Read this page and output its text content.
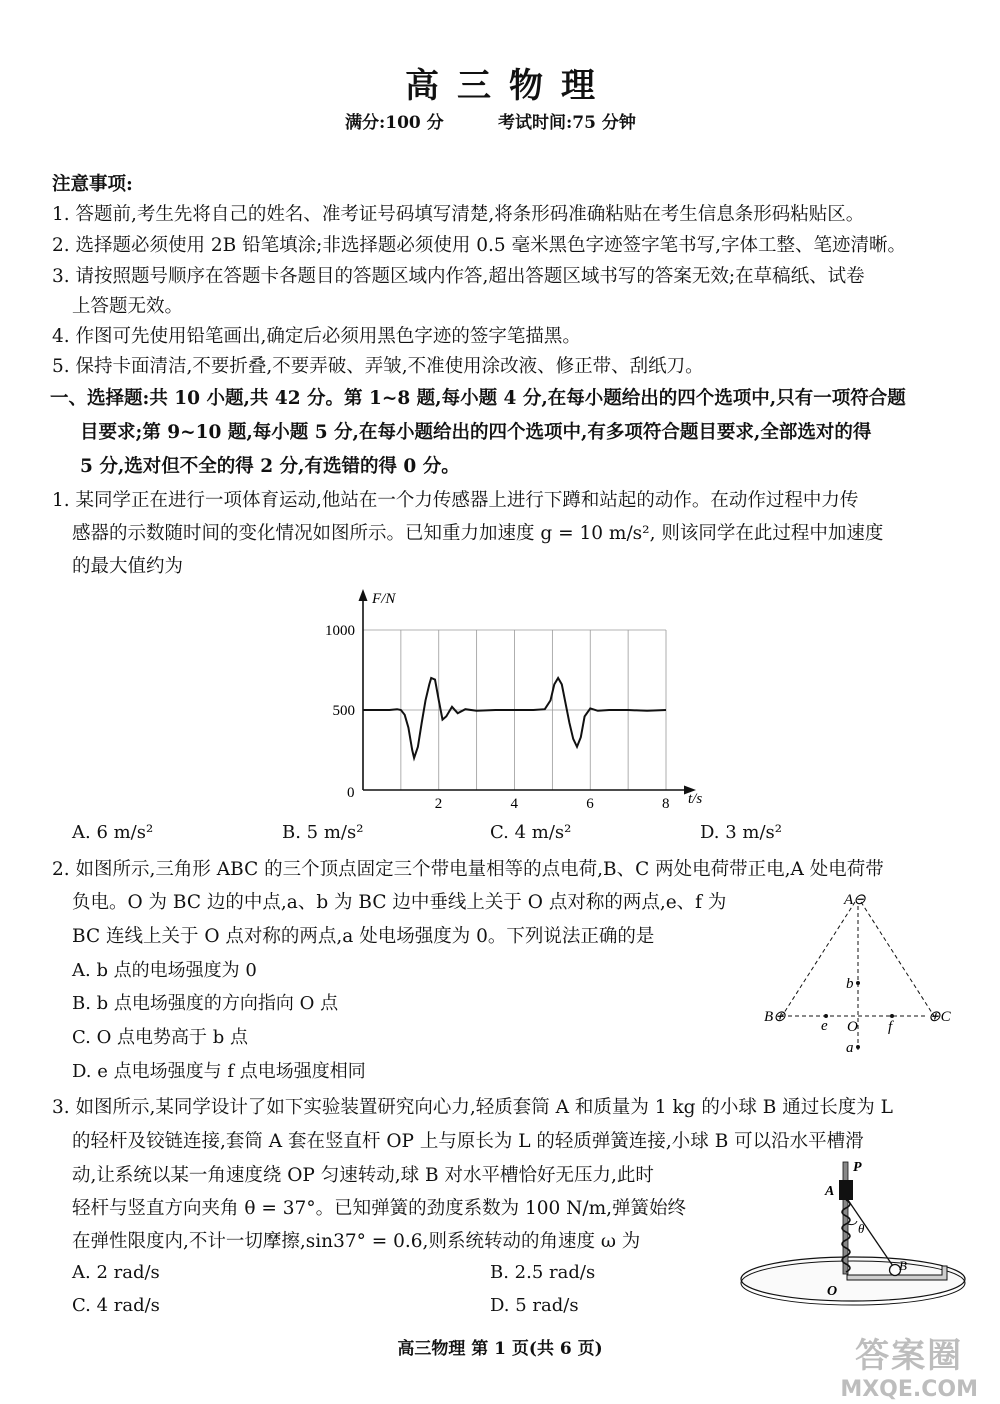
高三物理
满分:100 分	考试时间:75 分钟
注意事项:
1. 答题前,考生先将自己的姓名、准考证号码填写清楚,将条形码准确粘贴在考生信息条形码粘贴区。
2. 选择题必须使用 2B 铅笔填涂;非选择题必须使用 0.5 毫米黑色字迹签字笔书写,字体工整、笔迹清晰。
3. 请按照题号顺序在答题卡各题目的答题区域内作答,超出答题区域书写的答案无效;在草稿纸、试卷
上答题无效。
4. 作图可先使用铅笔画出,确定后必须用黑色字迹的签字笔描黑。
5. 保持卡面清洁,不要折叠,不要弄破、弄皱,不准使用涂改液、修正带、刮纸刀。
一、选择题:共 10 小题,共 42 分。第 1~8 题,每小题 4 分,在每小题给出的四个选项中,只有一项符合题
目要求;第 9~10 题,每小题 5 分,在每小题给出的四个选项中,有多项符合题目要求,全部选对的得
5 分,选对但不全的得 2 分,有选错的得 0 分。
1. 某同学正在进行一项体育运动,他站在一个力传感器上进行下蹲和站起的动作。在动作过程中力传
感器的示数随时间的变化情况如图所示。已知重力加速度 g = 10 m/s², 则该同学在此过程中加速度
的最大值约为
F/N
t/s
0
2	4	6	8
1000
500
A. 6 m/s²	B. 5 m/s²	C. 4 m/s²	D. 3 m/s²
2. 如图所示,三角形 ABC 的三个顶点固定三个带电量相等的点电荷,B、C 两处电荷带正电,A 处电荷带
负电。O 为 BC 边的中点,a、b 为 BC 边中垂线上关于 O 点对称的两点,e、f 为
BC 连线上关于 O 点对称的两点,a 处电场强度为 0。下列说法正确的是
A. b 点的电场强度为 0
B. b 点电场强度的方向指向 O 点
C. O 点电势高于 b 点
D. e 点电场强度与 f 点电场强度相同
A⊖
B⊕	⊕C
O
b
a
e	f
3. 如图所示,某同学设计了如下实验装置研究向心力,轻质套筒 A 和质量为 1 kg 的小球 B 通过长度为 L
的轻杆及铰链连接,套筒 A 套在竖直杆 OP 上与原长为 L 的轻质弹簧连接,小球 B 可以沿水平槽滑
动,让系统以某一角速度绕 OP 匀速转动,球 B 对水平槽恰好无压力,此时
轻杆与竖直方向夹角 θ = 37°。已知弹簧的劲度系数为 100 N/m,弹簧始终
在弹性限度内,不计一切摩擦,sin37° = 0.6,则系统转动的角速度 ω 为
A. 2 rad/s	B. 2.5 rad/s
C. 4 rad/s	D. 5 rad/s
P
A
θ
B
O
高三物理 第 1 页(共 6 页)	答案圈
MXQE.COM
